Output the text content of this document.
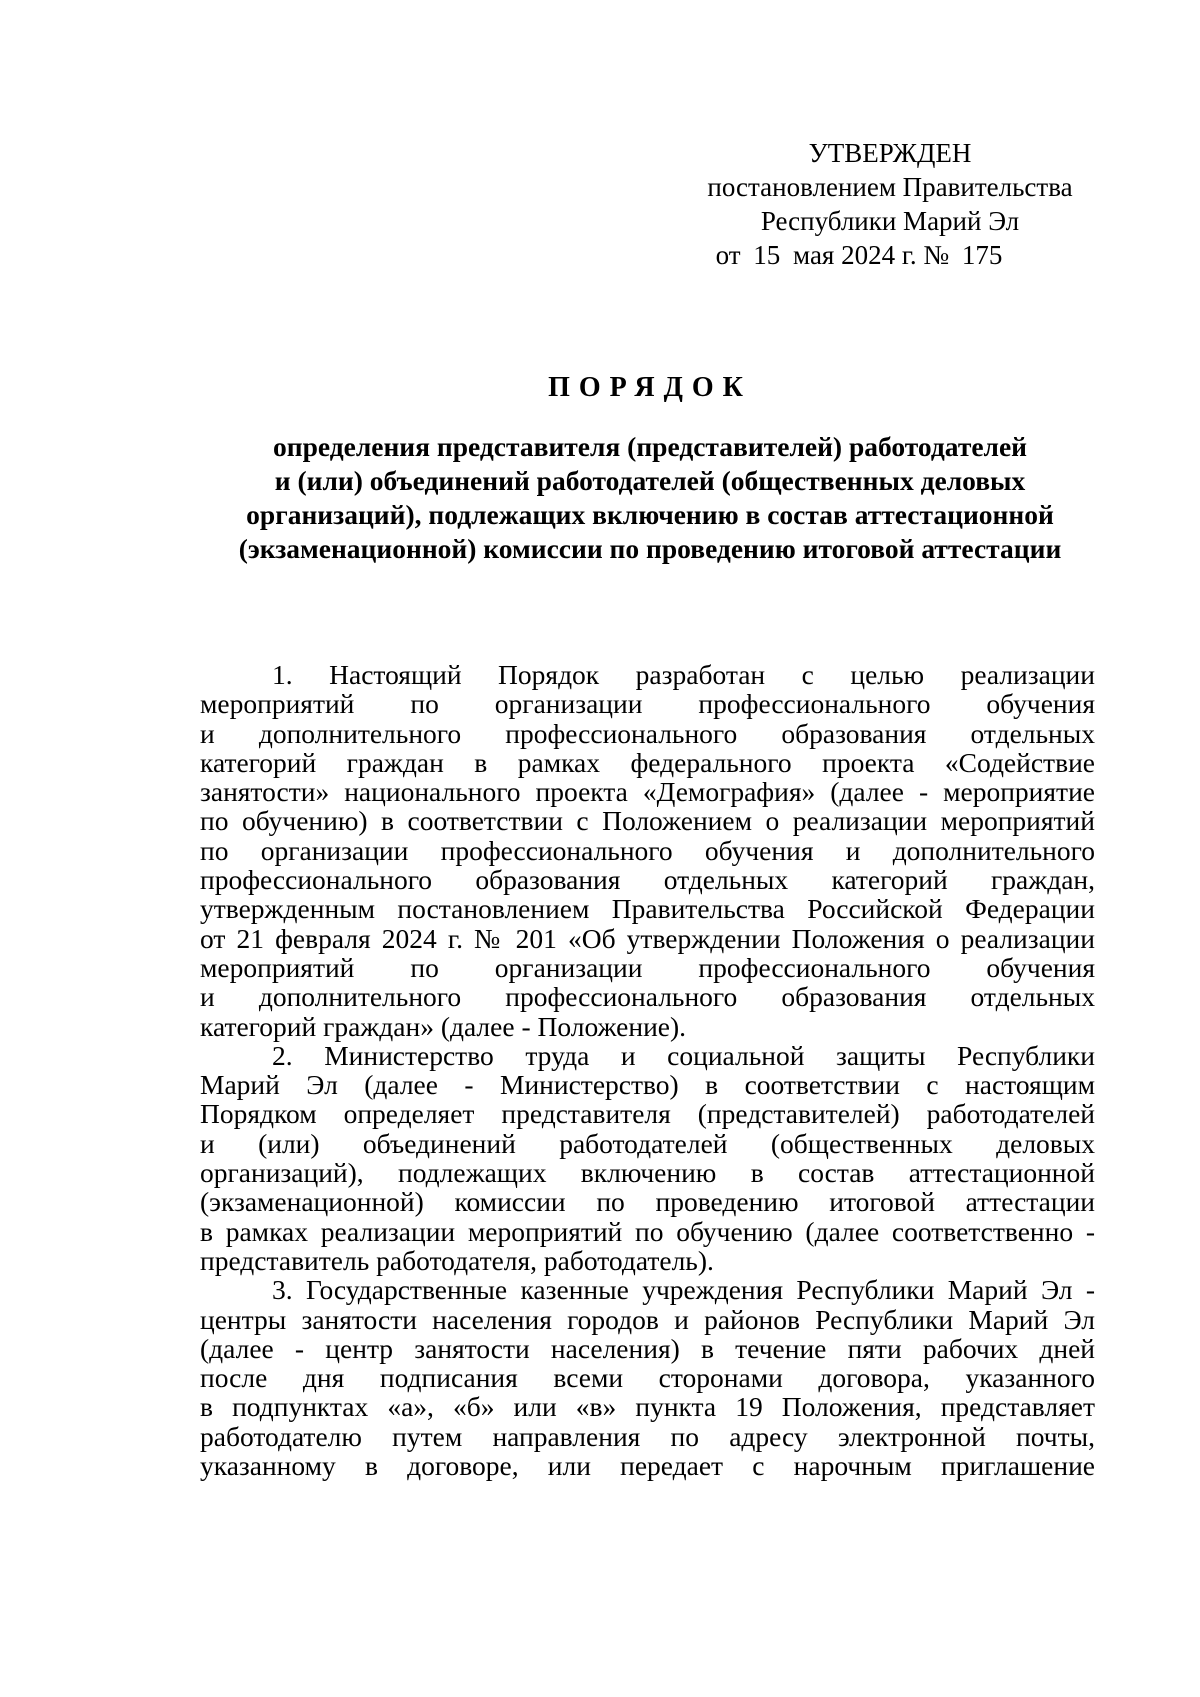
УТВЕРЖДЕН
постановлением Правительства
Республики Марий Эл
от 15 мая 2024 г. № 175
ПОРЯДОК
определения представителя (представителей) работодателей
и (или) объединений работодателей (общественных деловых
организаций), подлежащих включению в состав аттестационной
(экзаменационной) комиссии по проведению итоговой аттестации
1. Настоящий Порядок разработан с целью реализации
мероприятий по организации профессионального обучения
и дополнительного профессионального образования отдельных
категорий граждан в рамках федерального проекта «Содействие
занятости» национального проекта «Демография» (далее - мероприятие
по обучению) в соответствии с Положением о реализации мероприятий
по организации профессионального обучения и дополнительного
профессионального образования отдельных категорий граждан,
утвержденным постановлением Правительства Российской Федерации
от 21 февраля 2024 г. № 201 «Об утверждении Положения о реализации
мероприятий по организации профессионального обучения
и дополнительного профессионального образования отдельных
категорий граждан» (далее - Положение).
2. Министерство труда и социальной защиты Республики
Марий Эл (далее - Министерство) в соответствии с настоящим
Порядком определяет представителя (представителей) работодателей
и (или) объединений работодателей (общественных деловых
организаций), подлежащих включению в состав аттестационной
(экзаменационной) комиссии по проведению итоговой аттестации
в рамках реализации мероприятий по обучению (далее соответственно -
представитель работодателя, работодатель).
3. Государственные казенные учреждения Республики Марий Эл -
центры занятости населения городов и районов Республики Марий Эл
(далее - центр занятости населения) в течение пяти рабочих дней
после дня подписания всеми сторонами договора, указанного
в подпунктах «а», «б» или «в» пункта 19 Положения, представляет
работодателю путем направления по адресу электронной почты,
указанному в договоре, или передает с нарочным приглашение
